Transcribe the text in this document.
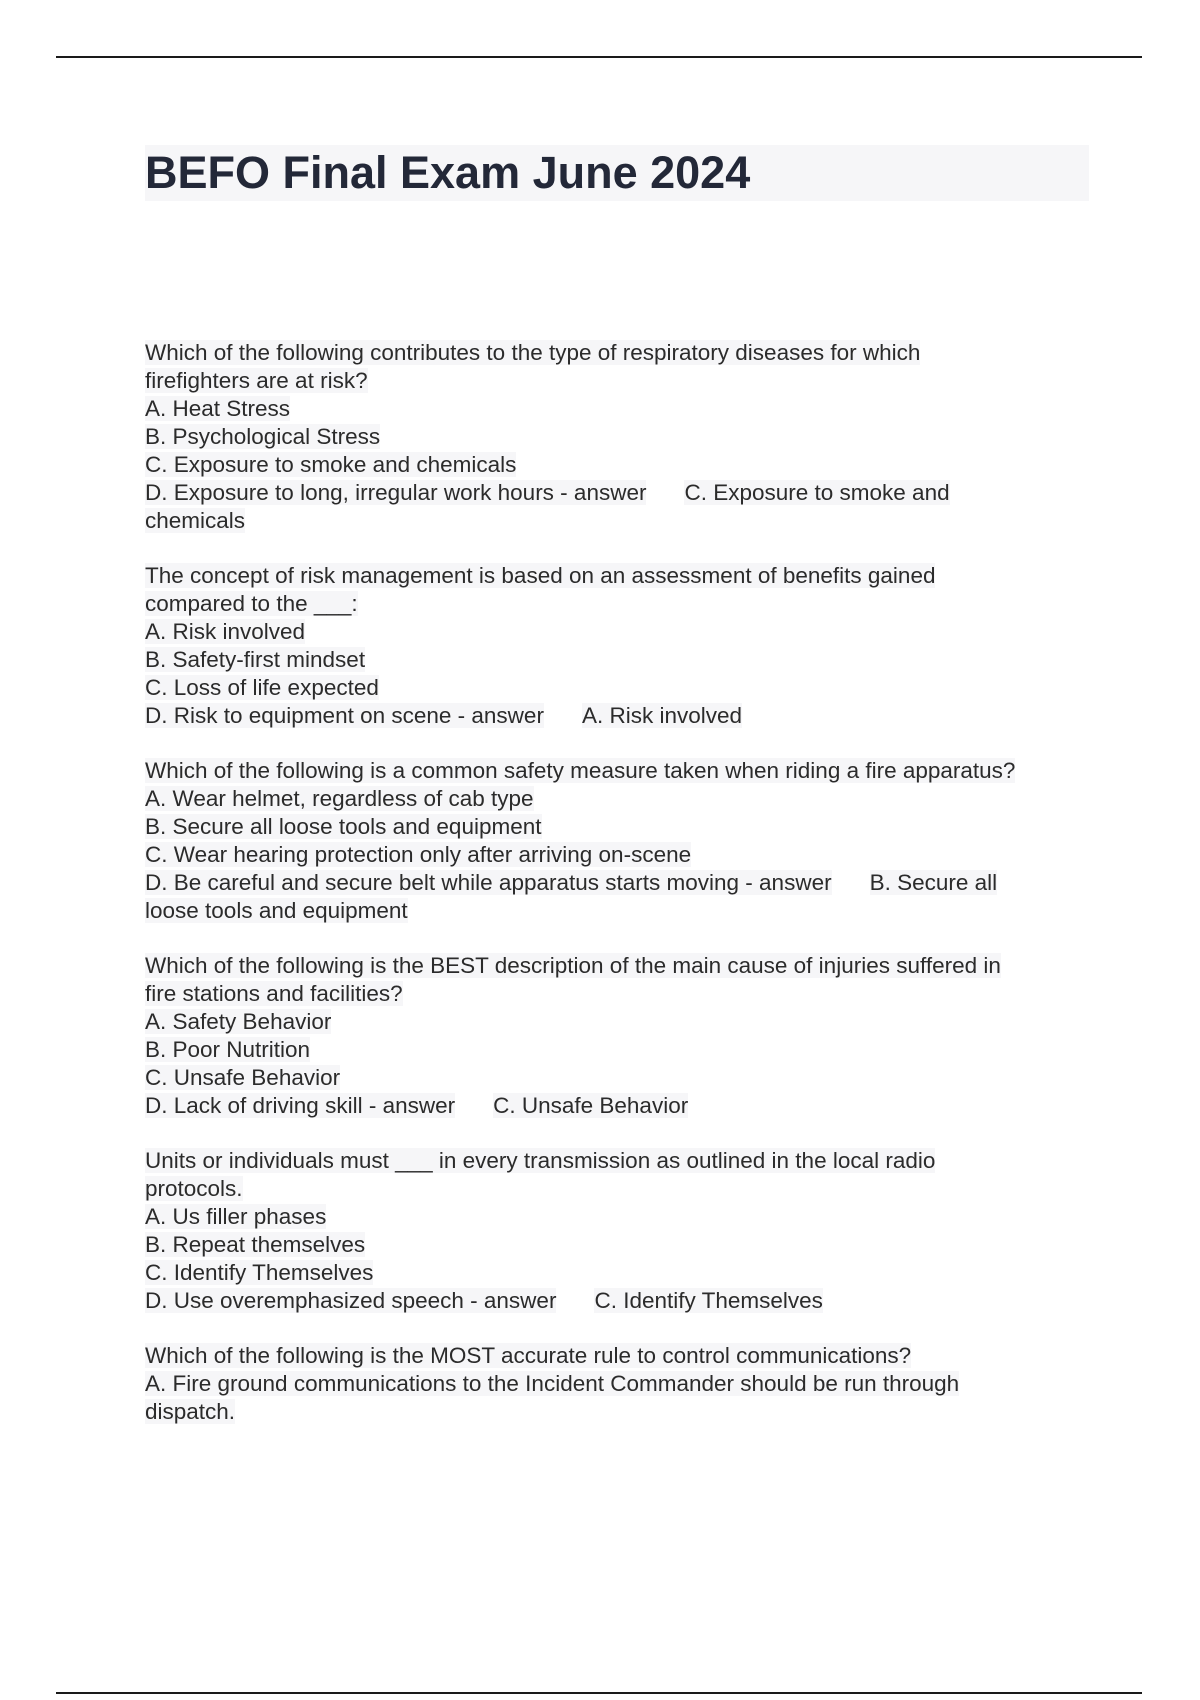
BEFO Final Exam June 2024
Which of the following contributes to the type of respiratory diseases for which
firefighters are at risk?
A. Heat Stress
B. Psychological Stress
C. Exposure to smoke and chemicals
D. Exposure to long, irregular work hours - answer C. Exposure to smoke and
chemicals
The concept of risk management is based on an assessment of benefits gained
compared to the ___:
A. Risk involved
B. Safety-first mindset
C. Loss of life expected
D. Risk to equipment on scene - answer A. Risk involved
Which of the following is a common safety measure taken when riding a fire apparatus?
A. Wear helmet, regardless of cab type
B. Secure all loose tools and equipment
C. Wear hearing protection only after arriving on-scene
D. Be careful and secure belt while apparatus starts moving - answer B. Secure all
loose tools and equipment
Which of the following is the BEST description of the main cause of injuries suffered in
fire stations and facilities?
A. Safety Behavior
B. Poor Nutrition
C. Unsafe Behavior
D. Lack of driving skill - answer C. Unsafe Behavior
Units or individuals must ___ in every transmission as outlined in the local radio
protocols.
A. Us filler phases
B. Repeat themselves
C. Identify Themselves
D. Use overemphasized speech - answer C. Identify Themselves
Which of the following is the MOST accurate rule to control communications?
A. Fire ground communications to the Incident Commander should be run through
dispatch.
